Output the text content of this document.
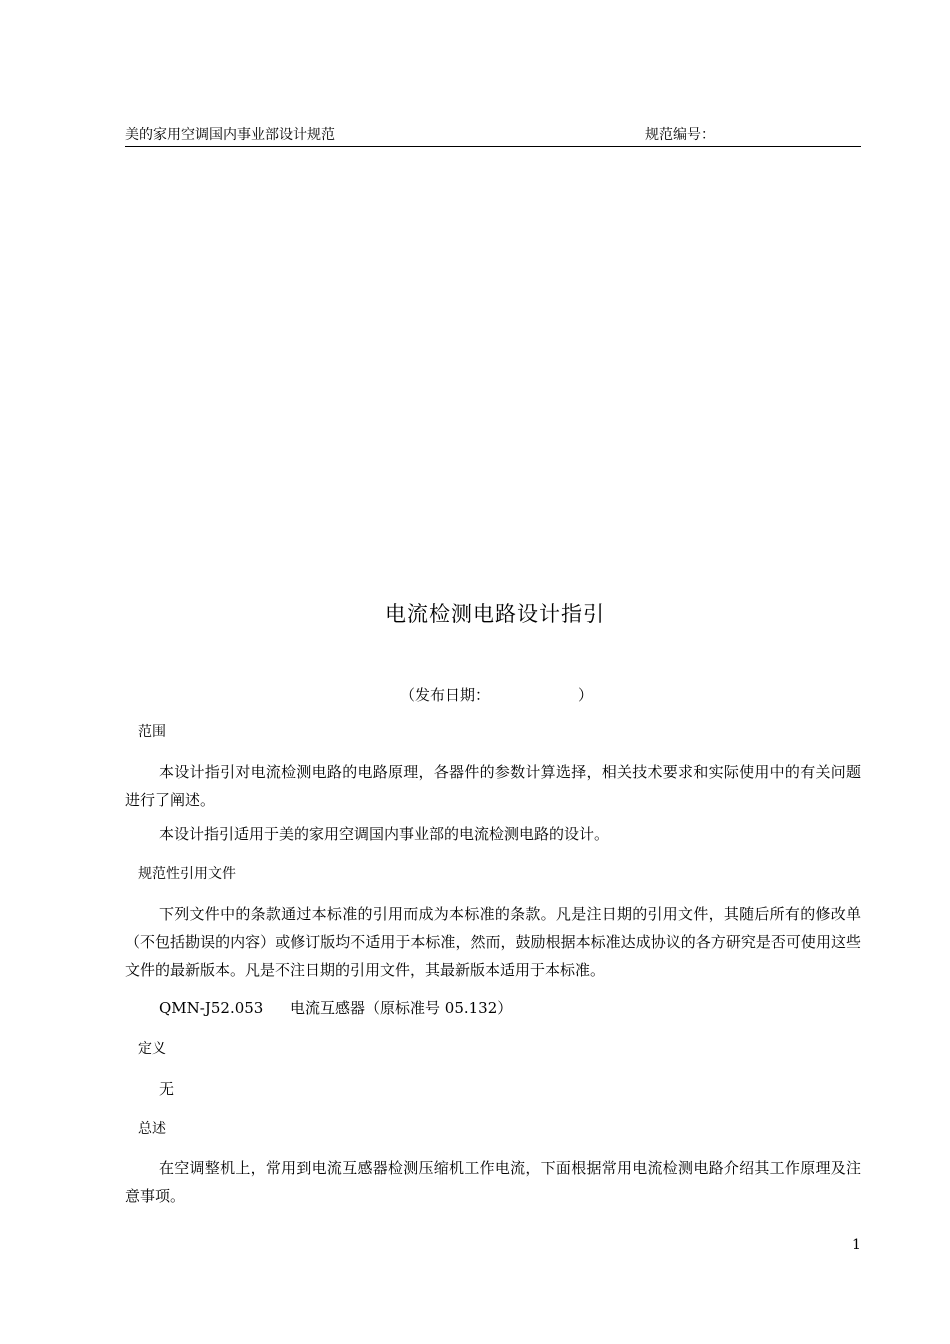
美的家用空调国内事业部设计规范	规范编号：
电流检测电路设计指引
（发布日期：	）
范围
本设计指引对电流检测电路的电路原理，各器件的参数计算选择，相关技术要求和实际使用中的有关问题进行了阐述。
本设计指引适用于美的家用空调国内事业部的电流检测电路的设计。
规范性引用文件
下列文件中的条款通过本标准的引用而成为本标准的条款。凡是注日期的引用文件，其随后所有的修改单（不包括勘误的内容）或修订版均不适用于本标准，然而，鼓励根据本标准达成协议的各方研究是否可使用这些文件的最新版本。凡是不注日期的引用文件，其最新版本适用于本标准。
QMN-J52.053 电流互感器（原标准号 05.132）
定义
无
总述
在空调整机上，常用到电流互感器检测压缩机工作电流，下面根据常用电流检测电路介绍其工作原理及注意事项。
1
